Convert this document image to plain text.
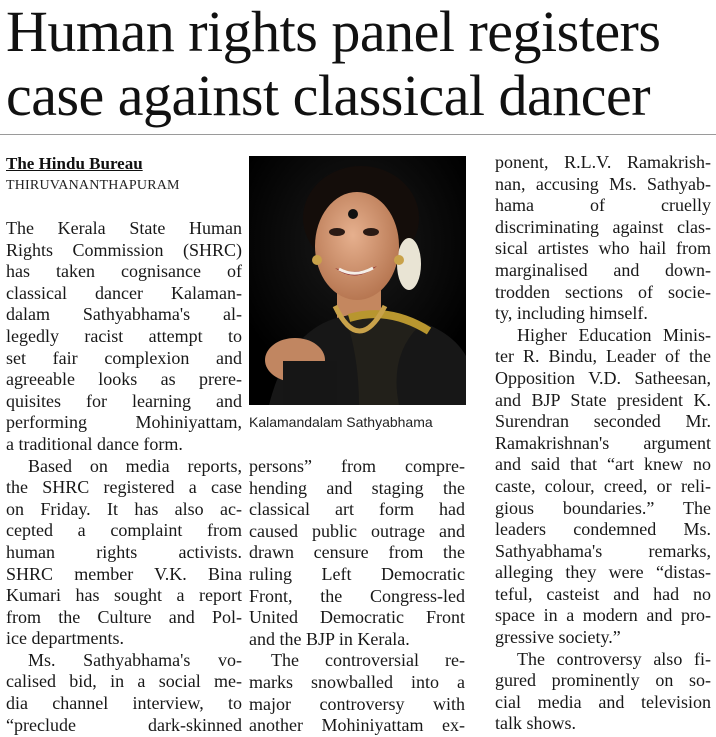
Human rights panel registers
case against classical dancer
The Hindu Bureau
THIRUVANANTHAPURAM
The Kerala State Human
Rights Commission (SHRC)
has taken cognisance of
classical dancer Kalaman-
dalam Sathyabhama's al-
legedly racist attempt to
set fair complexion and
agreeable looks as prere-
quisites for learning and
performing Mohiniyattam,
a traditional dance form.
Based on media reports,
the SHRC registered a case
on Friday. It has also ac-
cepted a complaint from
human rights activists.
SHRC member V.K. Bina
Kumari has sought a report
from the Culture and Pol-
ice departments.
Ms. Sathyabhama's vo-
calised bid, in a social me-
dia channel interview, to
“preclude dark-skinned
Kalamandalam Sathyabhama
persons” from compre-
hending and staging the
classical art form had
caused public outrage and
drawn censure from the
ruling Left Democratic
Front, the Congress-led
United Democratic Front
and the BJP in Kerala.
The controversial re-
marks snowballed into a
major controversy with
another Mohiniyattam ex-
ponent, R.L.V. Ramakrish-
nan, accusing Ms. Sathyab-
hama of cruelly
discriminating against clas-
sical artistes who hail from
marginalised and down-
trodden sections of socie-
ty, including himself.
Higher Education Minis-
ter R. Bindu, Leader of the
Opposition V.D. Satheesan,
and BJP State president K.
Surendran seconded Mr.
Ramakrishnan's argument
and said that “art knew no
caste, colour, creed, or reli-
gious boundaries.” The
leaders condemned Ms.
Sathyabhama's remarks,
alleging they were “distas-
teful, casteist and had no
space in a modern and pro-
gressive society.”
The controversy also fi-
gured prominently on so-
cial media and television
talk shows.
